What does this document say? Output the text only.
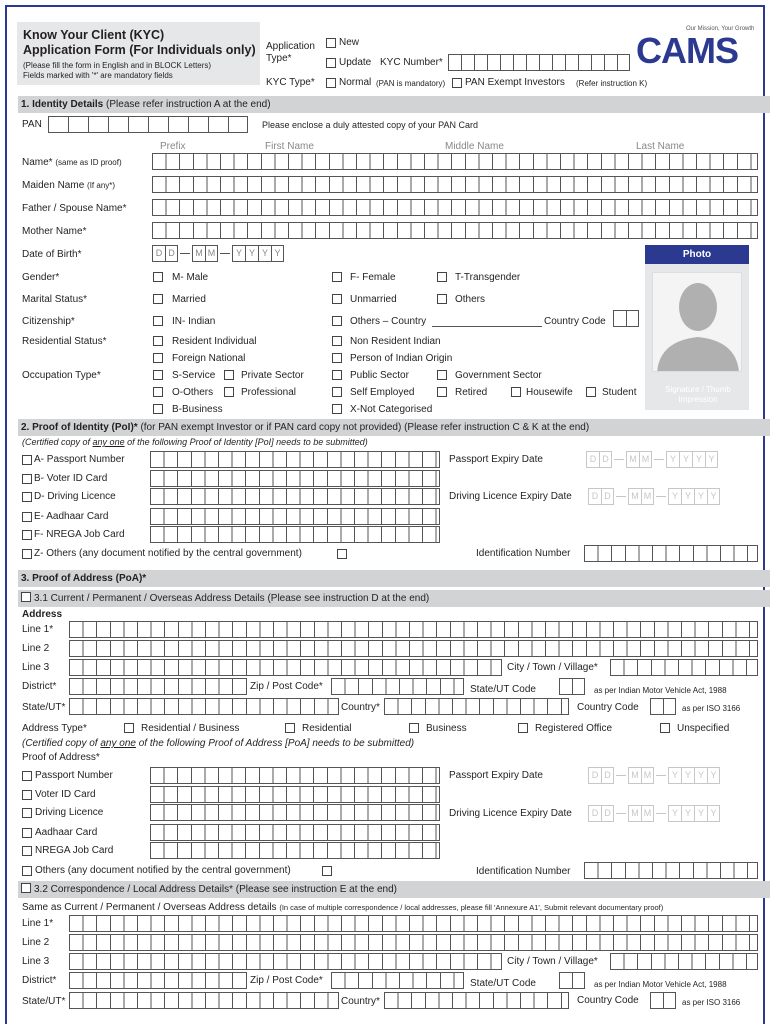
Know Your Client (KYC)
Application Form (For Individuals only)
(Please fill the form in English and in BLOCK Letters)
Fields marked with '*' are mandatory fields
Application Type*
New
Update KYC Number*
KYC Type* Normal (PAN is mandatory) PAN Exempt Investors (Refer instruction K)
Our Mission, Your Growth
CAMS
1. Identity Details (Please refer instruction A at the end)
PAN	Please enclose a duly attested copy of your PAN Card
Prefix	First Name	Middle Name	Last Name
Name* (same as ID proof)
Maiden Name (If any*)
Father / Spouse Name*
Mother Name*
Date of Birth*	D D	M M	Y Y Y Y	Photo
Signature / Thumb Impression
Gender*	M- Male	F- Female	T-Transgender
Marital Status*	Married	Unmarried	Others
Citizenship*	IN- Indian	Others – Country	Country Code
Residential Status*	Resident Individual	Non Resident Indian
Foreign National	Person of Indian Origin
Occupation Type*	S-Service	Private Sector	Public Sector	Government Sector
O-Others	Professional	Self Employed	Retired	Housewife	Student
B-Business	X-Not Categorised
2. Proof of Identity (PoI)* (for PAN exempt Investor or if PAN card copy not provided) (Please refer instruction C & K at the end)
(Certified copy of any one of the following Proof of Identity [PoI] needs to be submitted)
A- Passport Number	Passport Expiry Date	D D	M M	Y Y Y Y
B- Voter ID Card
D- Driving Licence	Driving Licence Expiry Date	D D	M M	Y Y Y Y
E- Aadhaar Card
F- NREGA Job Card
Z- Others (any document notified by the central government)	Identification Number
3. Proof of Address (PoA)*
3.1 Current / Permanent / Overseas Address Details (Please see instruction D at the end)
Address
Line 1*
Line 2
Line 3	City / Town / Village*
District*	Zip / Post Code*	State/UT Code	as per Indian Motor Vehicle Act, 1988
State/UT*	Country*	Country Code	as per ISO 3166
Address Type*	Residential / Business	Residential	Business	Registered Office	Unspecified
(Certified copy of any one of the following Proof of Address [PoA] needs to be submitted)
Proof of Address*
Passport Number	Passport Expiry Date	D D	M M	Y Y Y Y
Voter ID Card
Driving Licence	Driving Licence Expiry Date	D D	M M	Y Y Y Y
Aadhaar Card
NREGA Job Card
Others (any document notified by the central government)	Identification Number
3.2 Correspondence / Local Address Details* (Please see instruction E at the end)
Same as Current / Permanent / Overseas Address details (In case of multiple correspondence / local addresses, please fill 'Annexure A1', Submit relevant documentary proof)
Line 1*
Line 2
Line 3	City / Town / Village*
District*	Zip / Post Code*	State/UT Code	as per Indian Motor Vehicle Act, 1988
State/UT*	Country*	Country Code	as per ISO 3166
